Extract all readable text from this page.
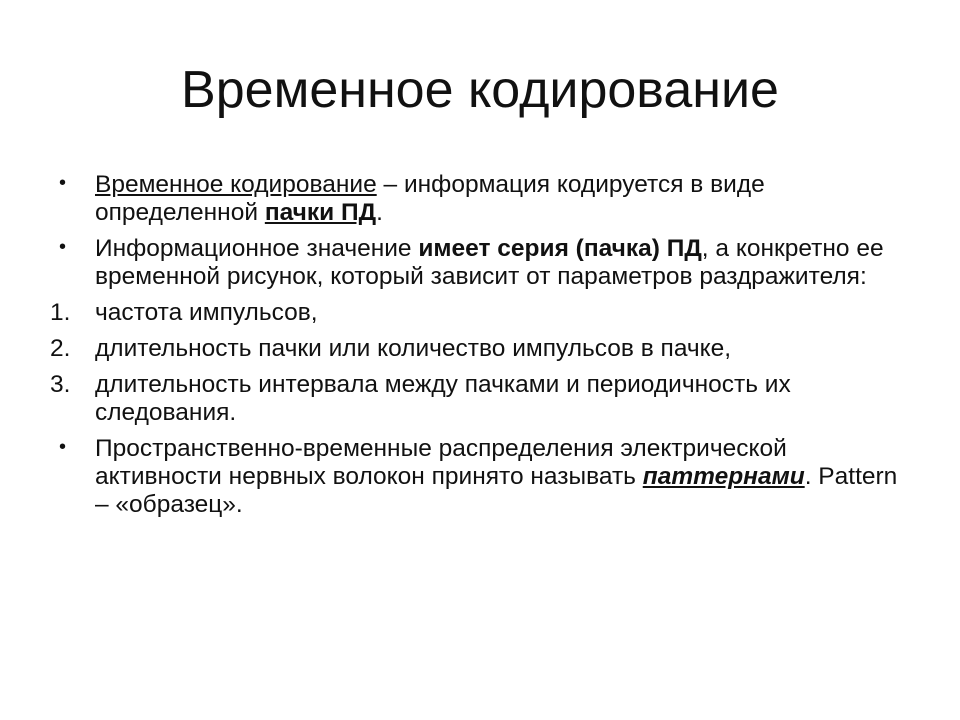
Временное кодирование
• Временное кодирование – информация кодируется в виде определенной пачки ПД.
• Информационное значение имеет серия (пачка) ПД, а конкретно ее временной рисунок, который зависит от параметров раздражителя:
1. частота импульсов,
2. длительность пачки или количество импульсов в пачке,
3. длительность интервала между пачками и периодичность их следования.
• Пространственно-временные распределения электрической активности нервных волокон принято называть паттернами. Pattern – «образец».
